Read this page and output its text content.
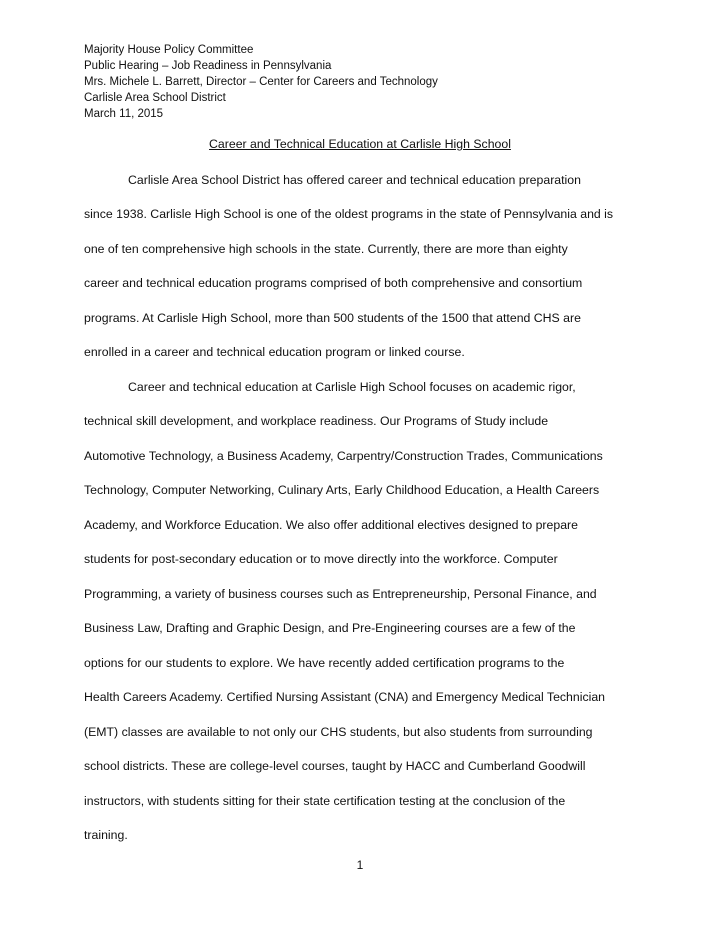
Majority House Policy Committee
Public Hearing – Job Readiness in Pennsylvania
Mrs. Michele L. Barrett, Director – Center for Careers and Technology
Carlisle Area School District
March 11, 2015
Career and Technical Education at Carlisle High School
Carlisle Area School District has offered career and technical education preparation
since 1938. Carlisle High School is one of the oldest programs in the state of Pennsylvania and is
one of ten comprehensive high schools in the state. Currently, there are more than eighty
career and technical education programs comprised of both comprehensive and consortium
programs. At Carlisle High School, more than 500 students of the 1500 that attend CHS are
enrolled in a career and technical education program or linked course.
Career and technical education at Carlisle High School focuses on academic rigor,
technical skill development, and workplace readiness. Our Programs of Study include
Automotive Technology, a Business Academy, Carpentry/Construction Trades, Communications
Technology, Computer Networking, Culinary Arts, Early Childhood Education, a Health Careers
Academy, and Workforce Education. We also offer additional electives designed to prepare
students for post-secondary education or to move directly into the workforce. Computer
Programming, a variety of business courses such as Entrepreneurship, Personal Finance, and
Business Law, Drafting and Graphic Design, and Pre-Engineering courses are a few of the
options for our students to explore. We have recently added certification programs to the
Health Careers Academy. Certified Nursing Assistant (CNA) and Emergency Medical Technician
(EMT) classes are available to not only our CHS students, but also students from surrounding
school districts. These are college-level courses, taught by HACC and Cumberland Goodwill
instructors, with students sitting for their state certification testing at the conclusion of the
training.
1
